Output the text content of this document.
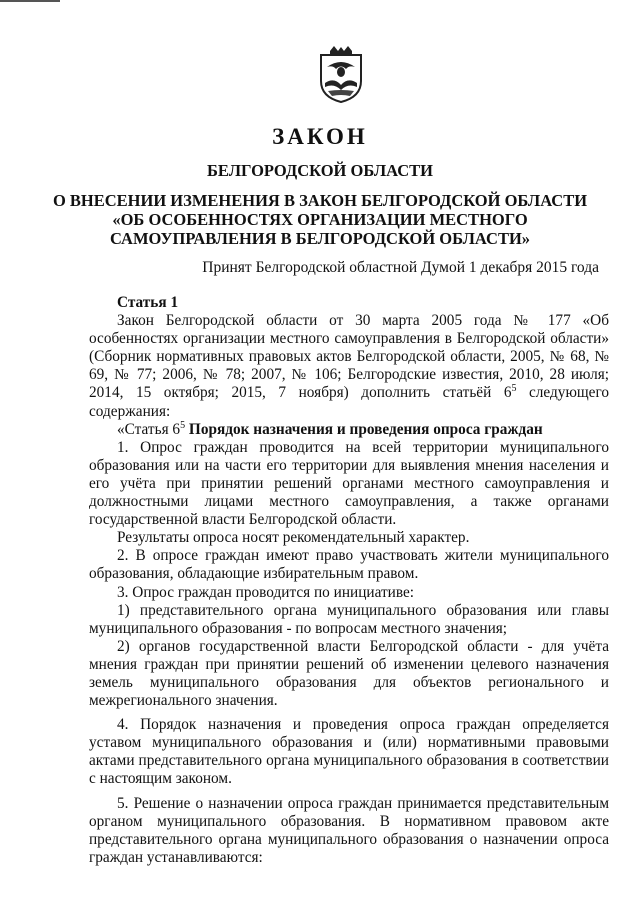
ЗАКОН
БЕЛГОРОДСКОЙ ОБЛАСТИ
О ВНЕСЕНИИ ИЗМЕНЕНИЯ В ЗАКОН БЕЛГОРОДСКОЙ ОБЛАСТИ «ОБ ОСОБЕННОСТЯХ ОРГАНИЗАЦИИ МЕСТНОГО САМОУПРАВЛЕНИЯ В БЕЛГОРОДСКОЙ ОБЛАСТИ»
Принят Белгородской областной Думой 1 декабря 2015 года

Статья 1

Закон Белгородской области от 30 марта 2005 года № 177 «Об особенностях организации местного самоуправления в Белгородской области» (Сборник нормативных правовых актов Белгородской области, 2005, № 68, № 69, № 77; 2006, № 78; 2007, № 106; Белгородские известия, 2010, 28 июля; 2014, 15 октября; 2015, 7 ноября) дополнить статьёй $6^5$ следующего содержания:

«Статья $6^5$ Порядок назначения и проведения опроса граждан

1. Опрос граждан проводится на всей территории муниципального образования или на части его территории для выявления мнения населения и его учёта при принятии решений органами местного самоуправления и должностными лицами местного самоуправления, а также органами государственной власти Белгородской области.

Результаты опроса носят рекомендательный характер.

2. В опросе граждан имеют право участвовать жители муниципального образования, обладающие избирательным правом.

3. Опрос граждан проводится по инициативе:

1) представительного органа муниципального образования или главы муниципального образования - по вопросам местного значения;

2) органов государственной власти Белгородской области - для учёта мнения граждан при принятии решений об изменении целевого назначения земель муниципального образования для объектов регионального и межрегионального значения.

4. Порядок назначения и проведения опроса граждан определяется уставом муниципального образования и (или) нормативными правовыми актами представительного органа муниципального образования в соответствии с настоящим законом.

5. Решение о назначении опроса граждан принимается представительным органом муниципального образования. В нормативном правовом акте представительного органа муниципального образования о назначении опроса граждан устанавливаются:
